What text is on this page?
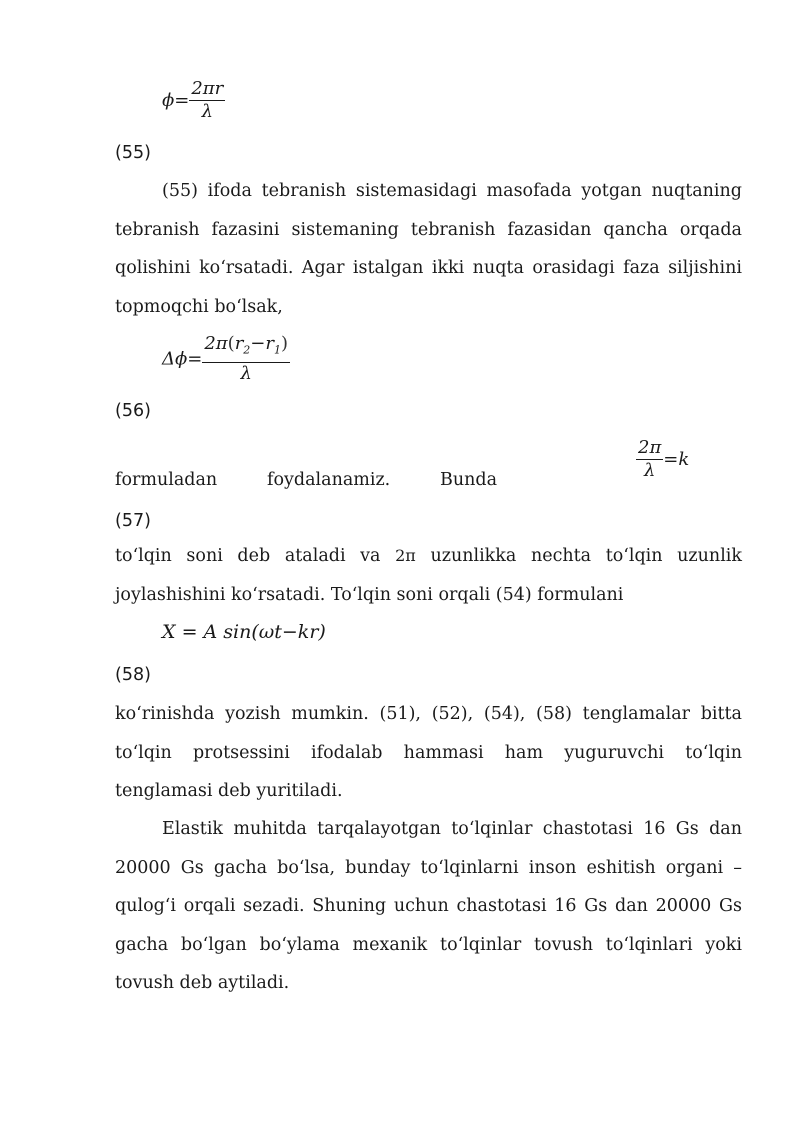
$\phi= \frac{2\pi r}{\lambda}$
(55)
(55) ifoda tebranish sistemasidagi masofada yotgan nuqtaning tebranish fazasini sistemaning tebranish fazasidan qancha orqada qolishini koʻrsatadi. Agar istalgan ikki nuqta orasidagi faza siljishini topmoqchi boʻlsak,
$\Delta\phi= \frac{2\pi(r_2-r_1)}{\lambda}$
(56)
$\frac{2\pi}{\lambda} =k$
formuladan	foydalanamiz.	Bunda
(57)
toʻlqin soni deb ataladi va 2π uzunlikka nechta toʻlqin uzunlik joylashishini koʻrsatadi. Toʻlqin soni orqali (54) formulani
X = A sin(ωt−kr)
(58)
koʻrinishda yozish mumkin. (51), (52), (54), (58) tenglamalar bitta toʻlqin protsessini ifodalab hammasi ham yuguruvchi toʻlqin tenglamasi deb yuritiladi.
Elastik muhitda tarqalayotgan toʻlqinlar chastotasi 16 Gs dan 20000 Gs gacha boʻlsa, bunday toʻlqinlarni inson eshitish organi – qulogʻi orqali sezadi. Shuning uchun chastotasi 16 Gs dan 20000 Gs gacha boʻlgan boʻylama mexanik toʻlqinlar tovush toʻlqinlari yoki tovush deb aytiladi.
